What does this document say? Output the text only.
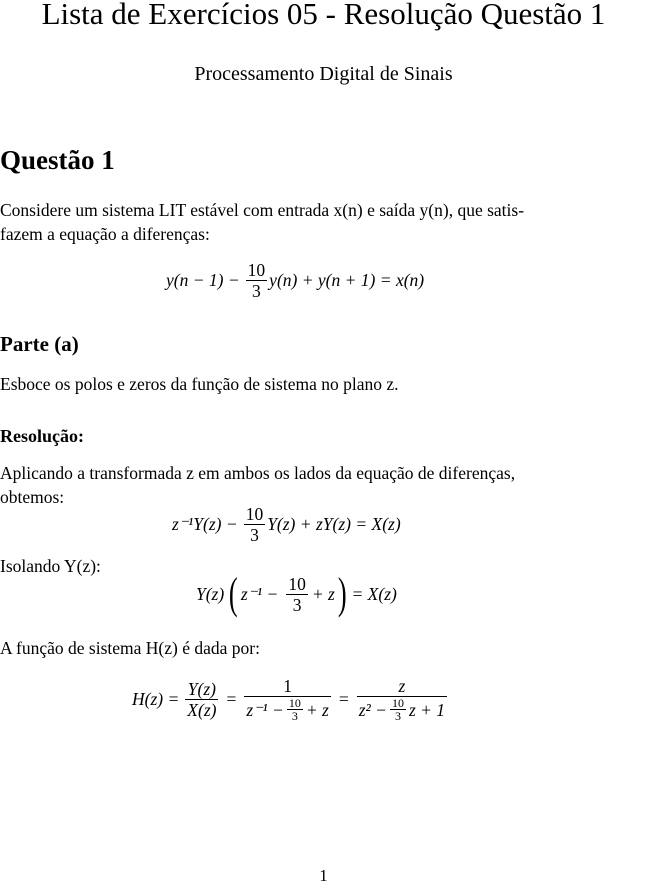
Lista de Exercícios 05 - Resolução Questão 1
Processamento Digital de Sinais
Questão 1
Considere um sistema LIT estável com entrada x(n) e saída y(n), que satis-
fazem a equação a diferenças:
$y(n - 1) - \frac{10}{3} y(n) + y(n + 1) = x(n)$
Parte (a)
Esboce os polos e zeros da função de sistema no plano z.
Resolução:
Aplicando a transformada z em ambos os lados da equação de diferenças,
obtemos:
$z^{-1}Y(z) - \frac{10}{3} Y(z) + zY(z) = X(z)$
Isolando Y(z):
Y(z) ( $z^{-1} - \frac{10}{3} + z$ ) = X(z)
A função de sistema H(z) é dada por:
$H(z) = \frac{Y(z)}{X(z)} = \frac{1}{z^{-1} - \frac{10}{3} + z} = \frac{z}{z^2 - \frac{10}{3} z + 1}$
1
